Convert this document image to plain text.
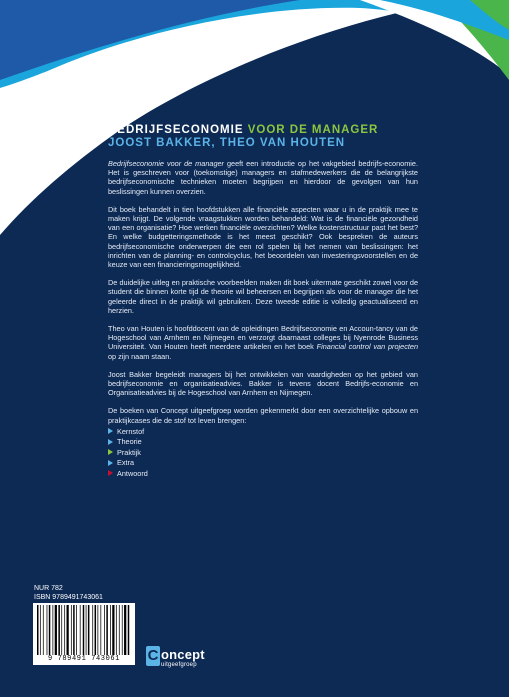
BEDRIJFSECONOMIE VOOR DE MANAGER
JOOST BAKKER, THEO VAN HOUTEN

Bedrijfseconomie voor de manager geeft een introductie op het vakgebied bedrijfs-economie. Het is geschreven voor (toekomstige) managers en stafmedewerkers die de belangrijkste bedrijfseconomische technieken moeten begrijpen en hierdoor de gevolgen van hun beslissingen kunnen overzien.

Dit boek behandelt in tien hoofdstukken alle financiële aspecten waar u in de praktijk mee te maken krijgt. De volgende vraagstukken worden behandeld: Wat is de financiële gezondheid van een organisatie? Hoe werken financiële overzichten? Welke kostenstructuur past het best? En welke budgetteringsmethode is het meest geschikt? Ook bespreken de auteurs bedrijfseconomische onderwerpen die een rol spelen bij het nemen van beslissingen: het inrichten van de planning- en controlcyclus, het beoordelen van investeringsvoorstellen en de keuze van een financieringsmogelijkheid.

De duidelijke uitleg en praktische voorbeelden maken dit boek uitermate geschikt zowel voor de student die binnen korte tijd de theorie wil beheersen en begrijpen als voor de manager die het geleerde direct in de praktijk wil gebruiken. Deze tweede editie is volledig geactualiseerd en herzien.

Theo van Houten is hoofddocent van de opleidingen Bedrijfseconomie en Accoun-tancy van de Hogeschool van Arnhem en Nijmegen en verzorgt daarnaast colleges bij Nyenrode Business Universiteit. Van Houten heeft meerdere artikelen en het boek Financial control van projecten op zijn naam staan.

Joost Bakker begeleidt managers bij het ontwikkelen van vaardigheden op het gebied van bedrijfseconomie en organisatieadvies. Bakker is tevens docent Bedrijfs-economie en Organisatieadvies bij de Hogeschool van Arnhem en Nijmegen.

De boeken van Concept uitgeefgroep worden gekenmerkt door een overzichtelijke opbouw en praktijkcases die de stof tot leven brengen:

Kernstof
Theorie
Praktijk
Extra
Antwoord
NUR 782
ISBN 9789491743061
9 789491 743061	C oncept
uitgeefgroep
